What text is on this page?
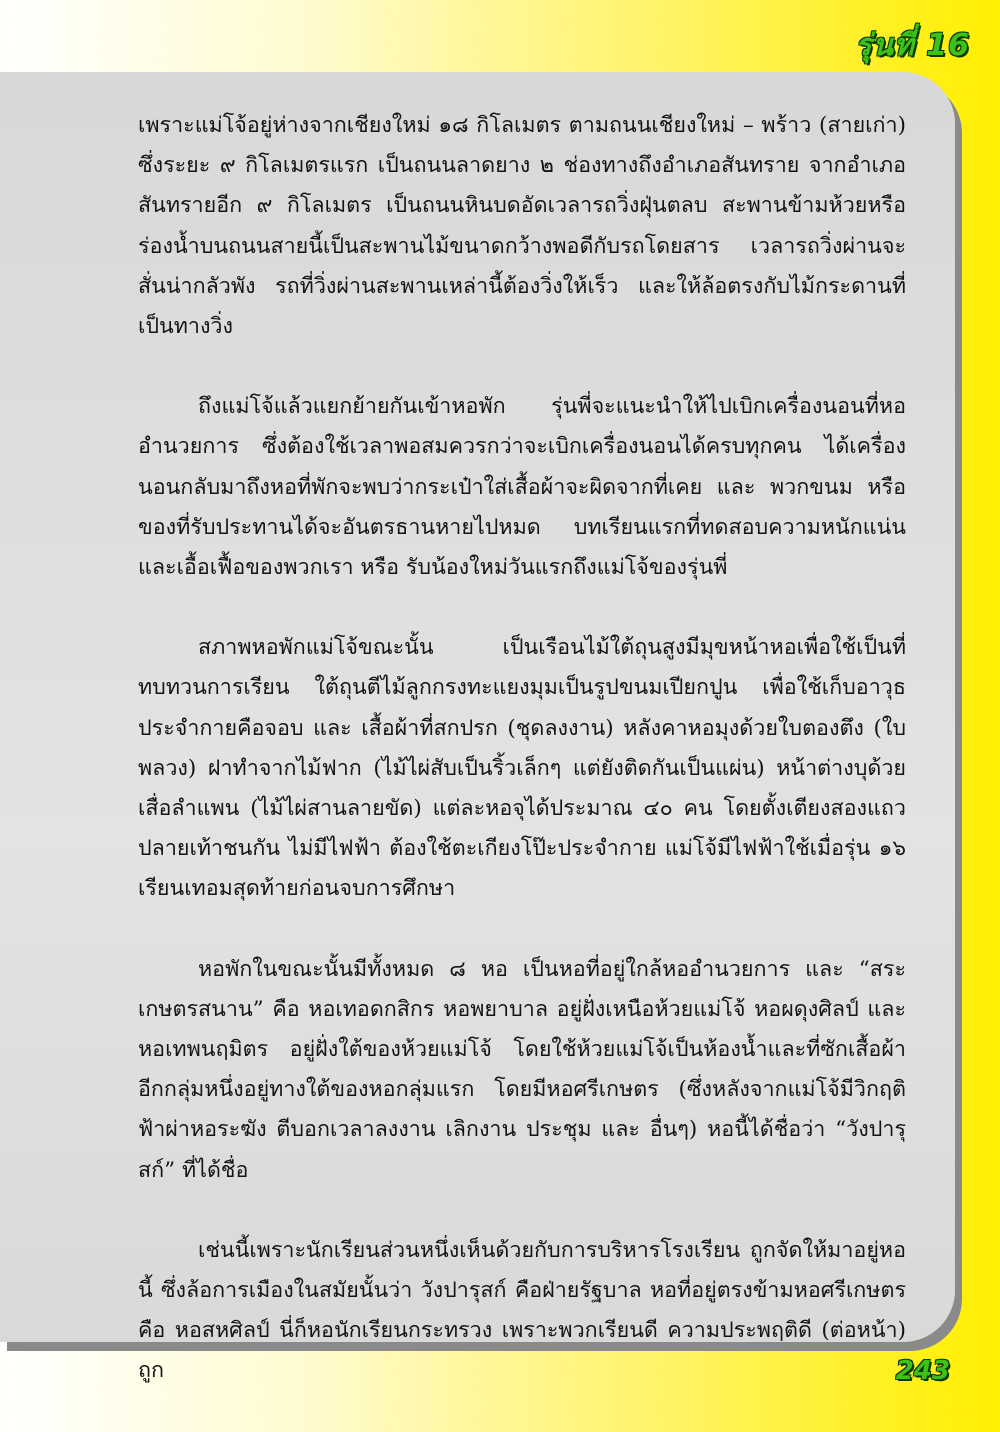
รุ่นที่ 16

เพราะแม่โจ้อยู่ห่างจากเชียงใหม่ ๑๘ กิโลเมตร ตามถนนเชียงใหม่ – พร้าว (สายเก่า) ซึ่งระยะ ๙ กิโลเมตรแรก เป็นถนนลาดยาง ๒ ช่องทางถึงอำเภอสันทราย จากอำเภอสันทรายอีก ๙ กิโลเมตร เป็นถนนหินบดอัดเวลารถวิ่งฝุ่นตลบ สะพานข้ามห้วยหรือร่องน้ำบนถนนสายนี้เป็นสะพานไม้ขนาดกว้างพอดีกับรถโดยสาร เวลารถวิ่งผ่านจะสั่นน่ากลัวพัง รถที่วิ่งผ่านสะพานเหล่านี้ต้องวิ่งให้เร็ว และให้ล้อตรงกับไม้กระดานที่เป็นทางวิ่ง

ถึงแม่โจ้แล้วแยกย้ายกันเข้าหอพัก รุ่นพี่จะแนะนำให้ไปเบิกเครื่องนอนที่หออำนวยการ ซึ่งต้องใช้เวลาพอสมควรกว่าจะเบิกเครื่องนอนได้ครบทุกคน ได้เครื่องนอนกลับมาถึงหอที่พักจะพบว่ากระเป๋าใส่เสื้อผ้าจะผิดจากที่เคย และ พวกขนม หรือ ของที่รับประทานได้จะอันตรธานหายไปหมด บทเรียนแรกที่ทดสอบความหนักแน่นและเอื้อเฟื้อของพวกเรา หรือ รับน้องใหม่วันแรกถึงแม่โจ้ของรุ่นพี่

สภาพหอพักแม่โจ้ขณะนั้น เป็นเรือนไม้ใต้ถุนสูงมีมุขหน้าหอเพื่อใช้เป็นที่ทบทวนการเรียน ใต้ถุนตีไม้ลูกกรงทะแยงมุมเป็นรูปขนมเปียกปูน เพื่อใช้เก็บอาวุธประจำกายคือจอบ และ เสื้อผ้าที่สกปรก (ชุดลงงาน) หลังคาหอมุงด้วยใบตองตึง (ใบพลวง) ฝาทำจากไม้ฟาก (ไม้ไผ่สับเป็นริ้วเล็กๆ แต่ยังติดกันเป็นแผ่น) หน้าต่างบุด้วยเสื่อลำแพน (ไม้ไผ่สานลายขัด) แต่ละหอจุได้ประมาณ ๔๐ คน โดยตั้งเตียงสองแถว ปลายเท้าชนกัน ไม่มีไฟฟ้า ต้องใช้ตะเกียงโป๊ะประจำกาย แม่โจ้มีไฟฟ้าใช้เมื่อรุ่น ๑๖ เรียนเทอมสุดท้ายก่อนจบการศึกษา

หอพักในขณะนั้นมีทั้งหมด ๘ หอ เป็นหอที่อยู่ใกล้หออำนวยการ และ “สระเกษตรสนาน” คือ หอเทอดกสิกร หอพยาบาล อยู่ฝั่งเหนือห้วยแม่โจ้ หอผดุงศิลป์ และ หอเทพนฤมิตร อยู่ฝั่งใต้ของห้วยแม่โจ้ โดยใช้ห้วยแม่โจ้เป็นห้องน้ำและที่ซักเสื้อผ้า อีกกลุ่มหนึ่งอยู่ทางใต้ของหอกลุ่มแรก โดยมีหอศรีเกษตร (ซึ่งหลังจากแม่โจ้มีวิกฤติฟ้าผ่าหอระฆัง ตีบอกเวลาลงงาน เลิกงาน ประชุม และ อื่นๆ) หอนี้ได้ชื่อว่า “วังปารุสก์” ที่ได้ชื่อ

เช่นนี้เพราะนักเรียนส่วนหนึ่งเห็นด้วยกับการบริหารโรงเรียน ถูกจัดให้มาอยู่หอนี้ ซึ่งล้อการเมืองในสมัยนั้นว่า วังปารุสก์ คือฝ่ายรัฐบาล หอที่อยู่ตรงข้ามหอศรีเกษตร คือ หอสหศิลป์ นี่ก็หอนักเรียนกระทรวง เพราะพวกเรียนดี ความประพฤติดี (ต่อหน้า) ถูก	243
